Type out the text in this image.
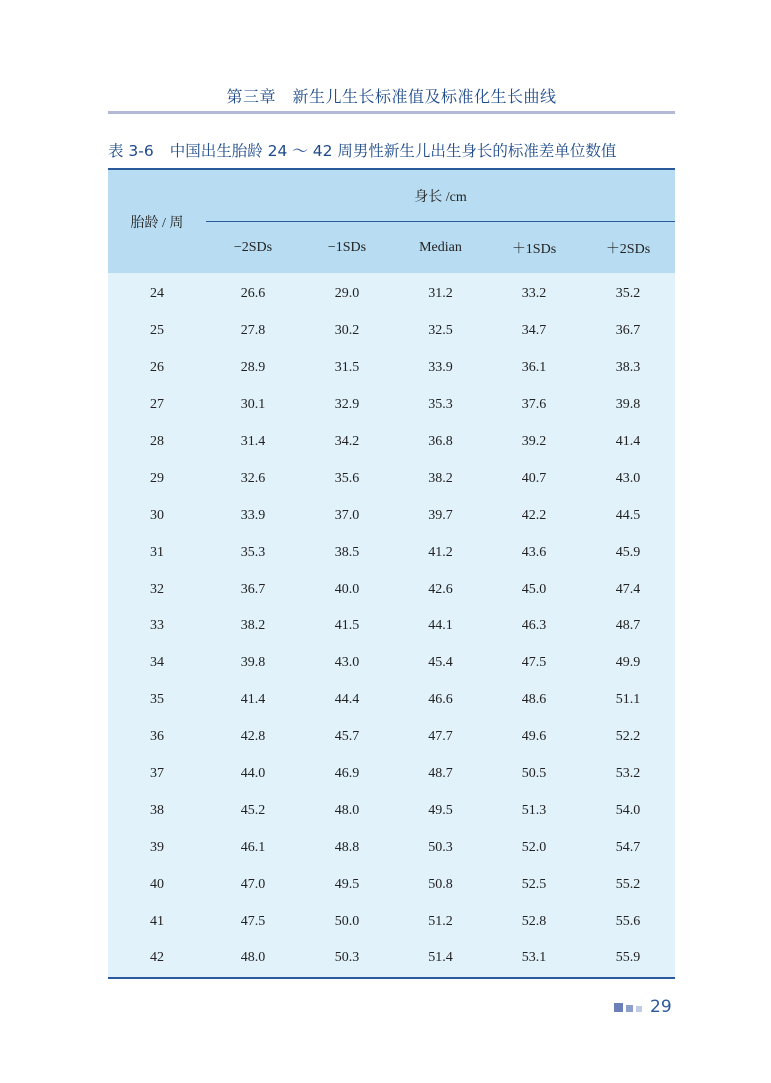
第三章　新生儿生长标准值及标准化生长曲线
表 3-6 中国出生胎龄 24 ～ 42 周男性新生儿出生身长的标准差单位数值
胎龄 / 周	身长 /cm				
	−2SDs	−1SDs	Median	＋1SDs	＋2SDs
24	26.6	29.0	31.2	33.2	35.2
25	27.8	30.2	32.5	34.7	36.7
26	28.9	31.5	33.9	36.1	38.3
27	30.1	32.9	35.3	37.6	39.8
28	31.4	34.2	36.8	39.2	41.4
29	32.6	35.6	38.2	40.7	43.0
30	33.9	37.0	39.7	42.2	44.5
31	35.3	38.5	41.2	43.6	45.9
32	36.7	40.0	42.6	45.0	47.4
33	38.2	41.5	44.1	46.3	48.7
34	39.8	43.0	45.4	47.5	49.9
35	41.4	44.4	46.6	48.6	51.1
36	42.8	45.7	47.7	49.6	52.2
37	44.0	46.9	48.7	50.5	53.2
38	45.2	48.0	49.5	51.3	54.0
39	46.1	48.8	50.3	52.0	54.7
40	47.0	49.5	50.8	52.5	55.2
41	47.5	50.0	51.2	52.8	55.6
42	48.0	50.3	51.4	53.1	55.9
29
